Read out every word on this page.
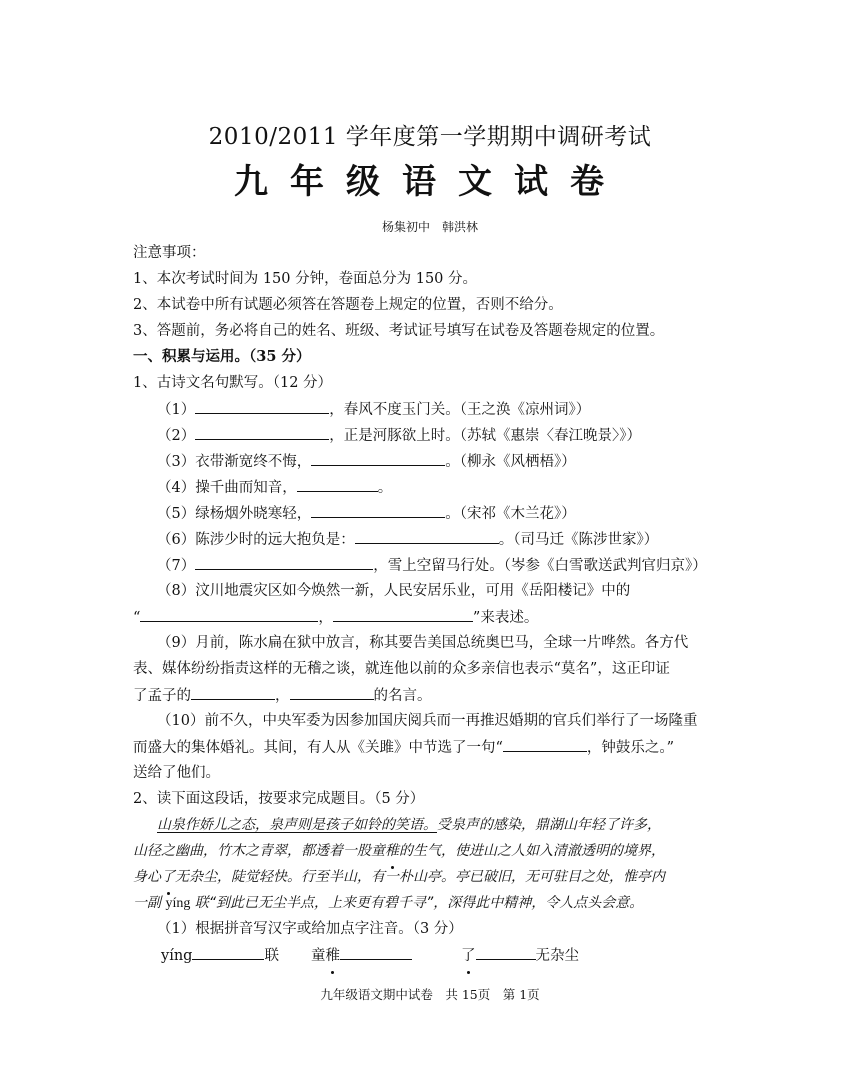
2010/2011 学年度第一学期期中调研考试
九年级语文试卷
杨集初中　韩洪林
注意事项：
1、本次考试时间为 150 分钟，卷面总分为 150 分。
2、本试卷中所有试题必须答在答题卷上规定的位置，否则不给分。
3、答题前，务必将自己的姓名、班级、考试证号填写在试卷及答题卷规定的位置。
一、积累与运用。（35 分）
1、古诗文名句默写。（12 分）
（1）	，春风不度玉门关。（王之涣《凉州词》）
（2）	，正是河豚欲上时。（苏轼《惠崇〈春江晚景〉》）
（3）衣带渐宽终不悔，	。（柳永《风栖梧》）
（4）操千曲而知音，	。
（5）绿杨烟外晓寒轻，	。（宋祁《木兰花》）
（6）陈涉少时的远大抱负是：	。（司马迁《陈涉世家》）
（7）	，雪上空留马行处。（岑参《白雪歌送武判官归京》）
（8）汶川地震灾区如今焕然一新，人民安居乐业，可用《岳阳楼记》中的
“	，	”来表述。
（9）月前，陈水扁在狱中放言，称其要告美国总统奥巴马，全球一片哗然。各方代
表、媒体纷纷指责这样的无稽之谈，就连他以前的众多亲信也表示“莫名”，这正印证
了孟子的	，	的名言。
（10）前不久，中央军委为因参加国庆阅兵而一再推迟婚期的官兵们举行了一场隆重
而盛大的集体婚礼。其间，有人从《关雎》中节选了一句“	，钟鼓乐之。”
送给了他们。
2、读下面这段话，按要求完成题目。（5 分）
山泉作娇儿之态，泉声则是孩子如铃的笑语。受泉声的感染，鼎湖山年轻了许多，
山径之幽曲，竹木之青翠，都透着一股童稚的生气，使进山之人如入清澈透明的境界，
身心了无杂尘，陡觉轻快。行至半山，有一朴山亭。亭已破旧，无可驻目之处，惟亭内
一副 yíng 联“到此已无尘半点，上来更有碧千寻”，深得此中精神，令人点头会意。
（1）根据拼音写汉字或给加点字注音。（3 分）
yíng	联 童稚	了	无杂尘
九年级语文期中试卷　共 15页　第 1页
